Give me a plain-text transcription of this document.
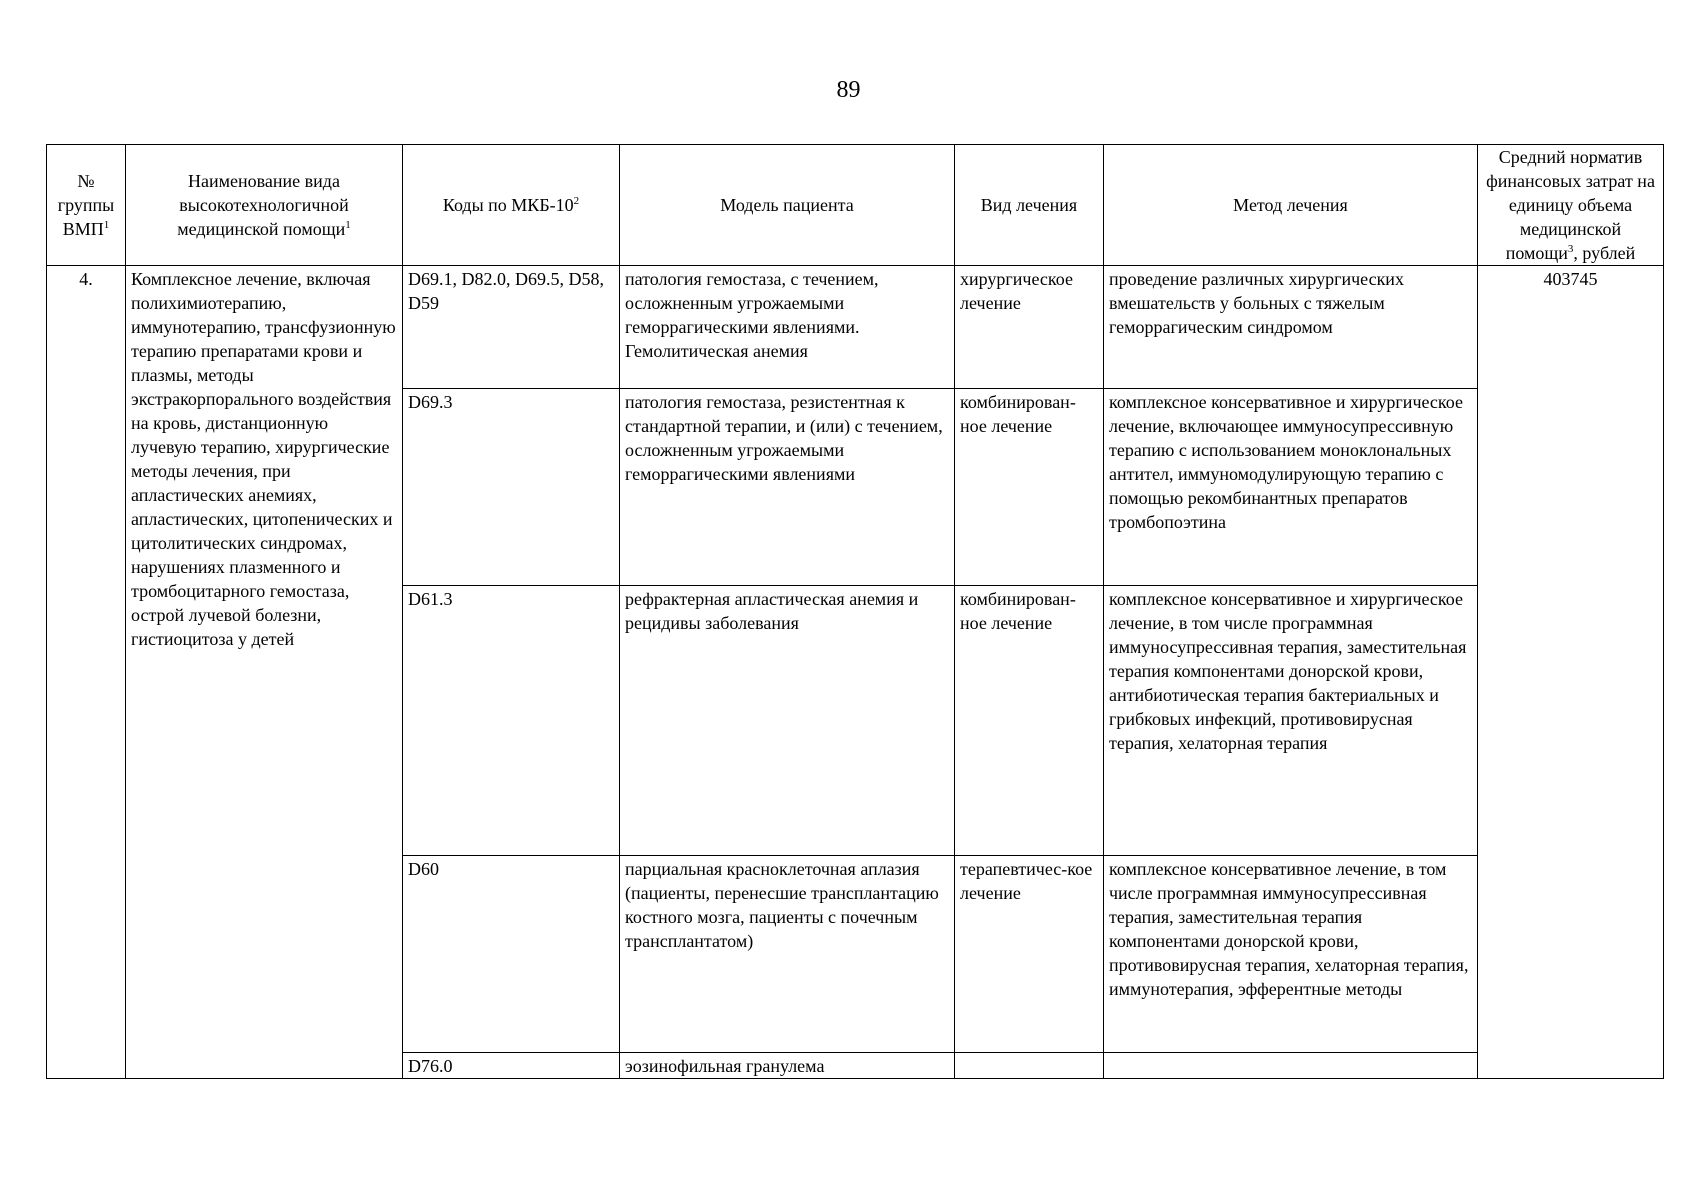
89
№ группы ВМП$^1$	Наименование вида высокотехнологичной медицинской помощи$^1$	Коды по МКБ-$10^2$	Модель пациента	Вид лечения	Метод лечения	Средний норматив финансовых затрат на единицу объема медицинской помощи$^3$, рублей
4.	Комплексное лечение, включая полихимиотерапию, иммунотерапию, трансфузионную терапию препаратами крови и плазмы, методы экстракорпорального воздействия на кровь, дистанционную лучевую терапию, хирургические методы лечения, при апластических анемиях, апластических, цитопенических и цитолитических синдромах, нарушениях плазменного и тромбоцитарного гемостаза, острой лучевой болезни, гистиоцитоза у детей	D69.1, D82.0, D69.5, D58, D59	патология гемостаза, с течением, осложненным угрожаемыми геморрагическими явлениями. Гемолитическая анемия	хирургическое лечение	проведение различных хирургических вмешательств у больных с тяжелым геморрагическим синдромом	403745
		D69.3	патология гемостаза, резистентная к стандартной терапии, и (или) с течением, осложненным угрожаемыми геморрагическими явлениями	комбинирован-ное лечение	комплексное консервативное и хирургическое лечение, включающее иммуносупрессивную терапию с использованием моноклональных антител, иммуномодулирующую терапию с помощью рекомбинантных препаратов тромбопоэтина	
		D61.3	рефрактерная апластическая анемия и рецидивы заболевания	комбинирован-ное лечение	комплексное консервативное и хирургическое лечение, в том числе программная иммуносупрессивная терапия, заместительная терапия компонентами донорской крови, антибиотическая терапия бактериальных и грибковых инфекций, противовирусная терапия, хелаторная терапия	
		D60	парциальная красноклеточная аплазия (пациенты, перенесшие трансплантацию костного мозга, пациенты с почечным трансплантатом)	терапевтичес-кое лечение	комплексное консервативное лечение, в том числе программная иммуносупрессивная терапия, заместительная терапия компонентами донорской крови, противовирусная терапия, хелаторная терапия, иммунотерапия, эфферентные методы	
		D76.0	эозинофильная гранулема			
